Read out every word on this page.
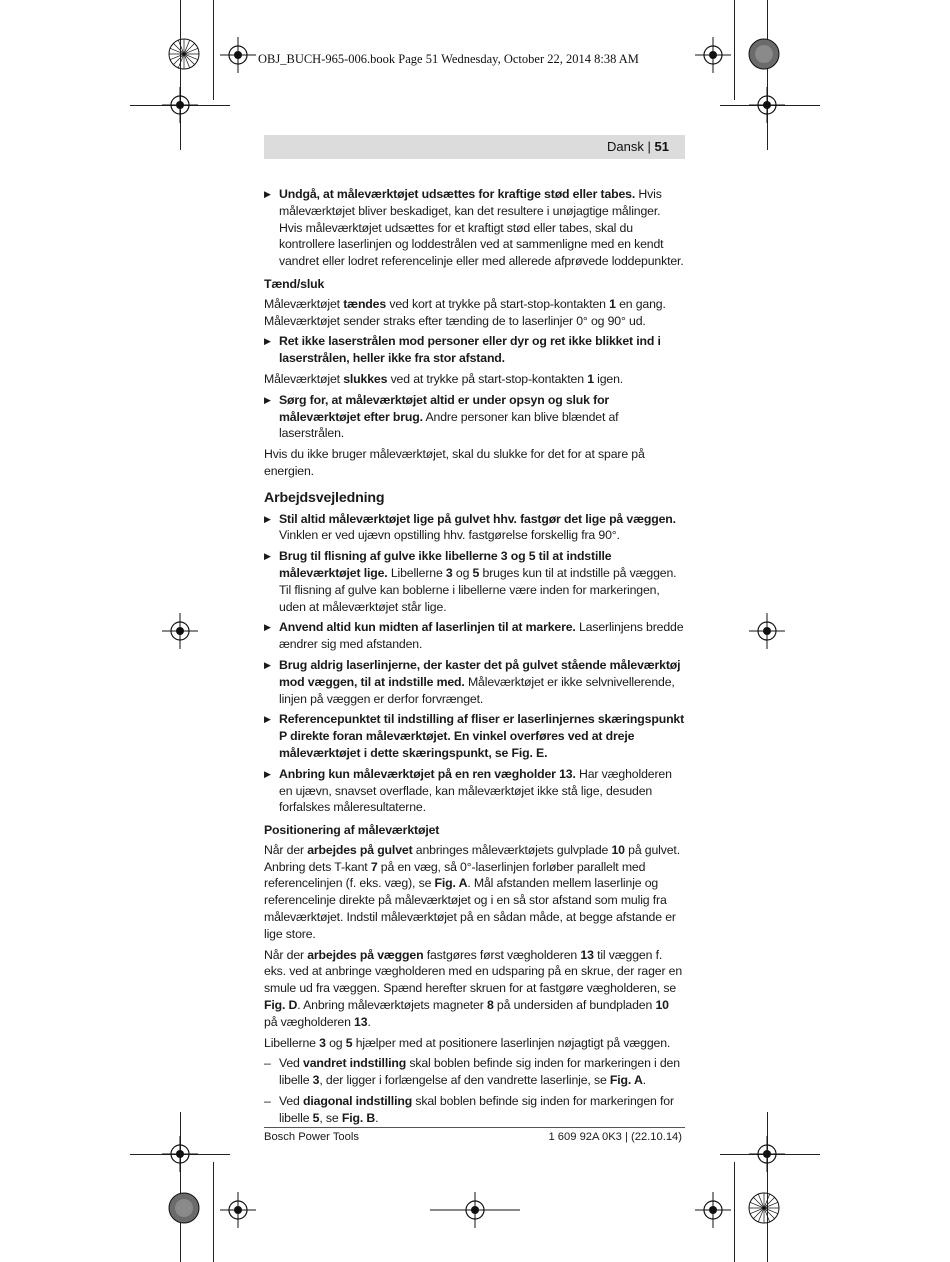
OBJ_BUCH-965-006.book Page 51 Wednesday, October 22, 2014 8:38 AM
Dansk | 51

▶ Undgå, at måleværktøjet udsættes for kraftige stød eller tabes. Hvis måleværktøjet bliver beskadiget, kan det resultere i unøjagtige målinger. Hvis måleværktøjet udsættes for et kraftigt stød eller tabes, skal du kontrollere laserlinjen og loddestrålen ved at sammenligne med en kendt vandret eller lodret referencelinje eller med allerede afprøvede loddepunkter.

Tænd/sluk

Måleværktøjet tændes ved kort at trykke på start-stop-kontakten 1 en gang. Måleværktøjet sender straks efter tænding de to laserlinjer 0° og 90° ud.

▶ Ret ikke laserstrålen mod personer eller dyr og ret ikke blikket ind i laserstrålen, heller ikke fra stor afstand.

Måleværktøjet slukkes ved at trykke på start-stop-kontakten 1 igen.

▶ Sørg for, at måleværktøjet altid er under opsyn og sluk for måleværktøjet efter brug. Andre personer kan blive blændet af laserstrålen.

Hvis du ikke bruger måleværktøjet, skal du slukke for det for at spare på energien.

Arbejdsvejledning

▶ Stil altid måleværktøjet lige på gulvet hhv. fastgør det lige på væggen. Vinklen er ved ujævn opstilling hhv. fastgørelse forskellig fra 90°.

▶ Brug til flisning af gulve ikke libellerne 3 og 5 til at indstille måleværktøjet lige. Libellerne 3 og 5 bruges kun til at indstille på væggen. Til flisning af gulve kan boblerne i libellerne være inden for markeringen, uden at måleværktøjet står lige.

▶ Anvend altid kun midten af laserlinjen til at markere. Laserlinjens bredde ændrer sig med afstanden.

▶ Brug aldrig laserlinjerne, der kaster det på gulvet stående måleværktøj mod væggen, til at indstille med. Måleværktøjet er ikke selvnivellerende, linjen på væggen er derfor forvrænget.

▶ Referencepunktet til indstilling af fliser er laserlinjernes skæringspunkt P direkte foran måleværktøjet. En vinkel overføres ved at dreje måleværktøjet i dette skæringspunkt, se Fig. E.

▶ Anbring kun måleværktøjet på en ren vægholder 13. Har vægholderen en ujævn, snavset overflade, kan måleværktøjet ikke stå lige, desuden forfalskes måleresultaterne.

Positionering af måleværktøjet

Når der arbejdes på gulvet anbringes måleværktøjets gulvplade 10 på gulvet. Anbring dets T-kant 7 på en væg, så 0°-laserlinjen forløber parallelt med referencelinjen (f. eks. væg), se Fig. A. Mål afstanden mellem laserlinje og referencelinje direkte på måleværktøjet og i en så stor afstand som mulig fra måleværktøjet. Indstil måleværktøjet på en sådan måde, at begge afstande er lige store.

Når der arbejdes på væggen fastgøres først vægholderen 13 til væggen f. eks. ved at anbringe vægholderen med en udsparing på en skrue, der rager en smule ud fra væggen. Spænd herefter skruen for at fastgøre vægholderen, se Fig. D. Anbring måleværktøjets magneter 8 på undersiden af bundpladen 10 på vægholderen 13.

Libellerne 3 og 5 hjælper med at positionere laserlinjen nøjagtigt på væggen.

– Ved vandret indstilling skal boblen befinde sig inden for markeringen i den libelle 3, der ligger i forlængelse af den vandrette laserlinje, se Fig. A.

– Ved diagonal indstilling skal boblen befinde sig inden for markeringen for libelle 5, se Fig. B.

Bosch Power Tools	1 609 92A 0K3 | (22.10.14)
